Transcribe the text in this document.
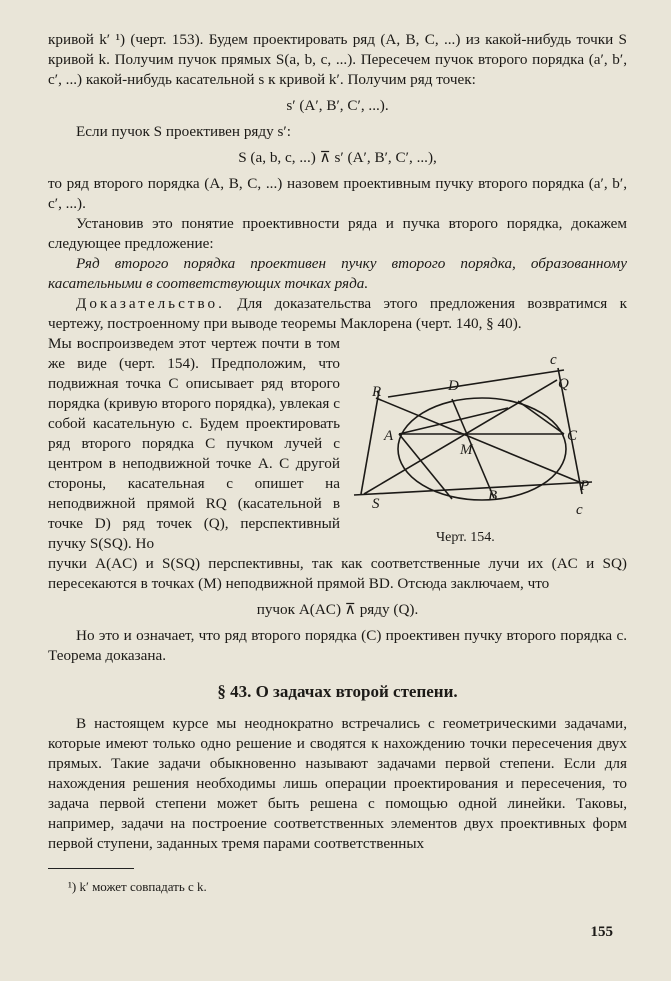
кривой k′ ¹) (черт. 153). Будем проектировать ряд (A, B, C, ...) из какой-нибудь точки S кривой k. Получим пучок прямых S(a, b, c, ...). Пересечем пучок второго порядка (a′, b′, c′, ...) какой-нибудь касательной s к кривой k′. Получим ряд точек:

s′ (A′, B′, C′, ...).

Если пучок S проективен ряду s′:

S (a, b, c, ...) ⊼ s′ (A′, B′, C′, ...),

то ряд второго порядка (A, B, C, ...) назовем проективным пучку второго порядка (a′, b′, c′, ...).

Установив это понятие проективности ряда и пучка второго порядка, докажем следующее предложение:

Ряд второго порядка проективен пучку второго порядка, образованному касательными в соответствующих точках ряда.

Доказательство. Для доказательства этого предложения возвратимся к чертежу, построенному при выводе теоремы Маклорена (черт. 140, § 40).

Мы воспроизведем этот чертеж почти в том же виде (черт. 154). Предположим, что подвижная точка C описывает ряд второго порядка (кривую второго порядка), увлекая с собой касательную c. Будем проектировать ряд второго порядка C пучком лучей с центром в неподвижной точке A. С другой стороны, касательная c опишет на неподвижной прямой RQ (касательной в точке D) ряд точек (Q), перспективный пучку S(SQ). Но

пучки A(AC) и S(SQ) перспективны, так как соответственные лучи их (AC и SQ) пересекаются в точках (M) неподвижной прямой BD. Отсюда заключаем, что

пучок A(AC) ⊼ ряду (Q).

Но это и означает, что ряд второго порядка (C) проективен пучку второго порядка c. Теорема доказана.

§ 43. О задачах второй степени.

В настоящем курсе мы неоднократно встречались с геометрическими задачами, которые имеют только одно решение и сводятся к нахождению точки пересечения двух прямых. Такие задачи обыкновенно называют задачами первой степени. Если для нахождения решения необходимы лишь операции проектирования и пересечения, то задача первой степени может быть решена с помощью одной линейки. Таковы, например, задачи на построение соответственных элементов двух проективных форм первой ступени, заданных тремя парами соответственных

¹) k′ может совпадать с k.
R	D	Q
A
M
C
S	B
P
c
c
Черт. 154.
155
